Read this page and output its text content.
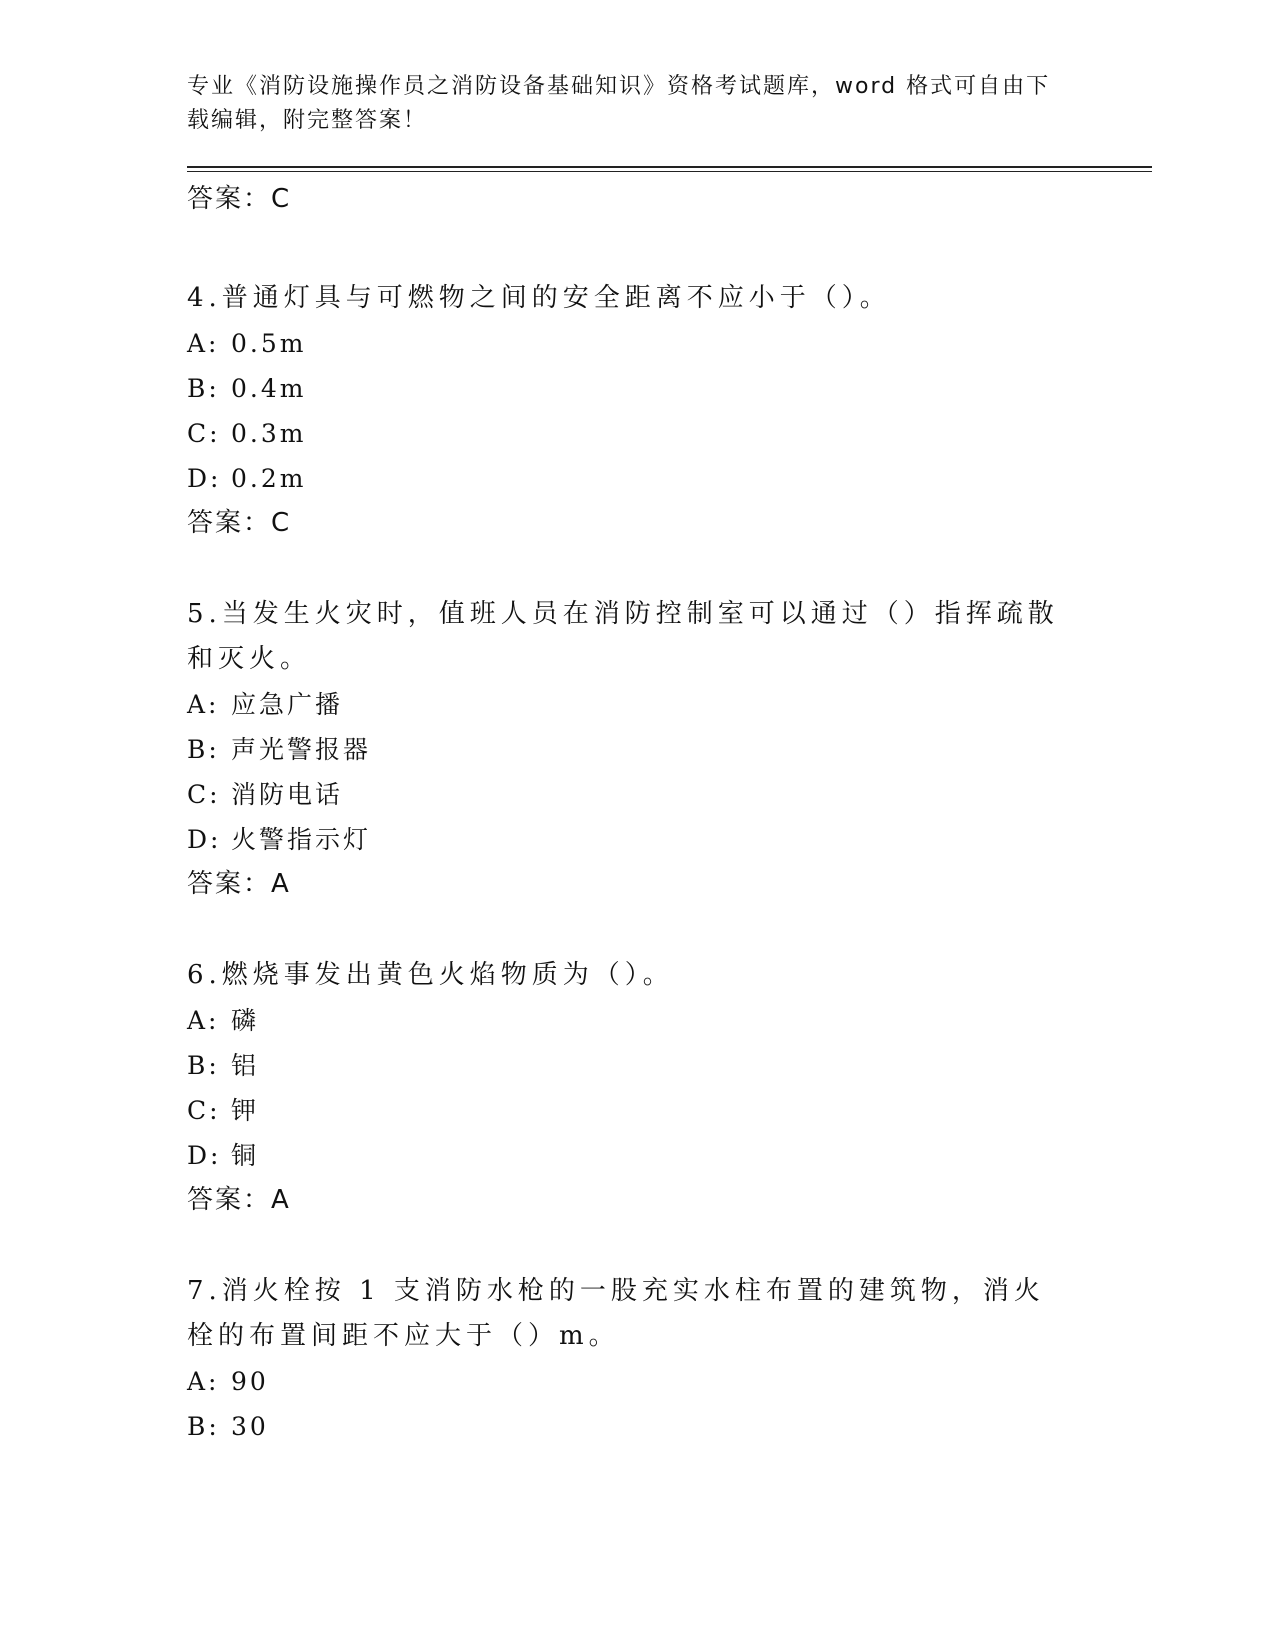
专业《消防设施操作员之消防设备基础知识》资格考试题库，word 格式可自由下载编辑，附完整答案！

答案：C

4.普通灯具与可燃物之间的安全距离不应小于（）。

A: 0.5m

B: 0.4m

C: 0.3m

D: 0.2m

答案：C

5.当发生火灾时，值班人员在消防控制室可以通过（）指挥疏散和灭火。

A: 应急广播

B: 声光警报器

C: 消防电话

D: 火警指示灯

答案：A

6.燃烧事发出黄色火焰物质为（）。

A: 磷

B: 铝

C: 钾

D: 铜

答案：A

7.消火栓按 1 支消防水枪的一股充实水柱布置的建筑物，消火栓的布置间距不应大于（）m。

A: 90

B: 30
